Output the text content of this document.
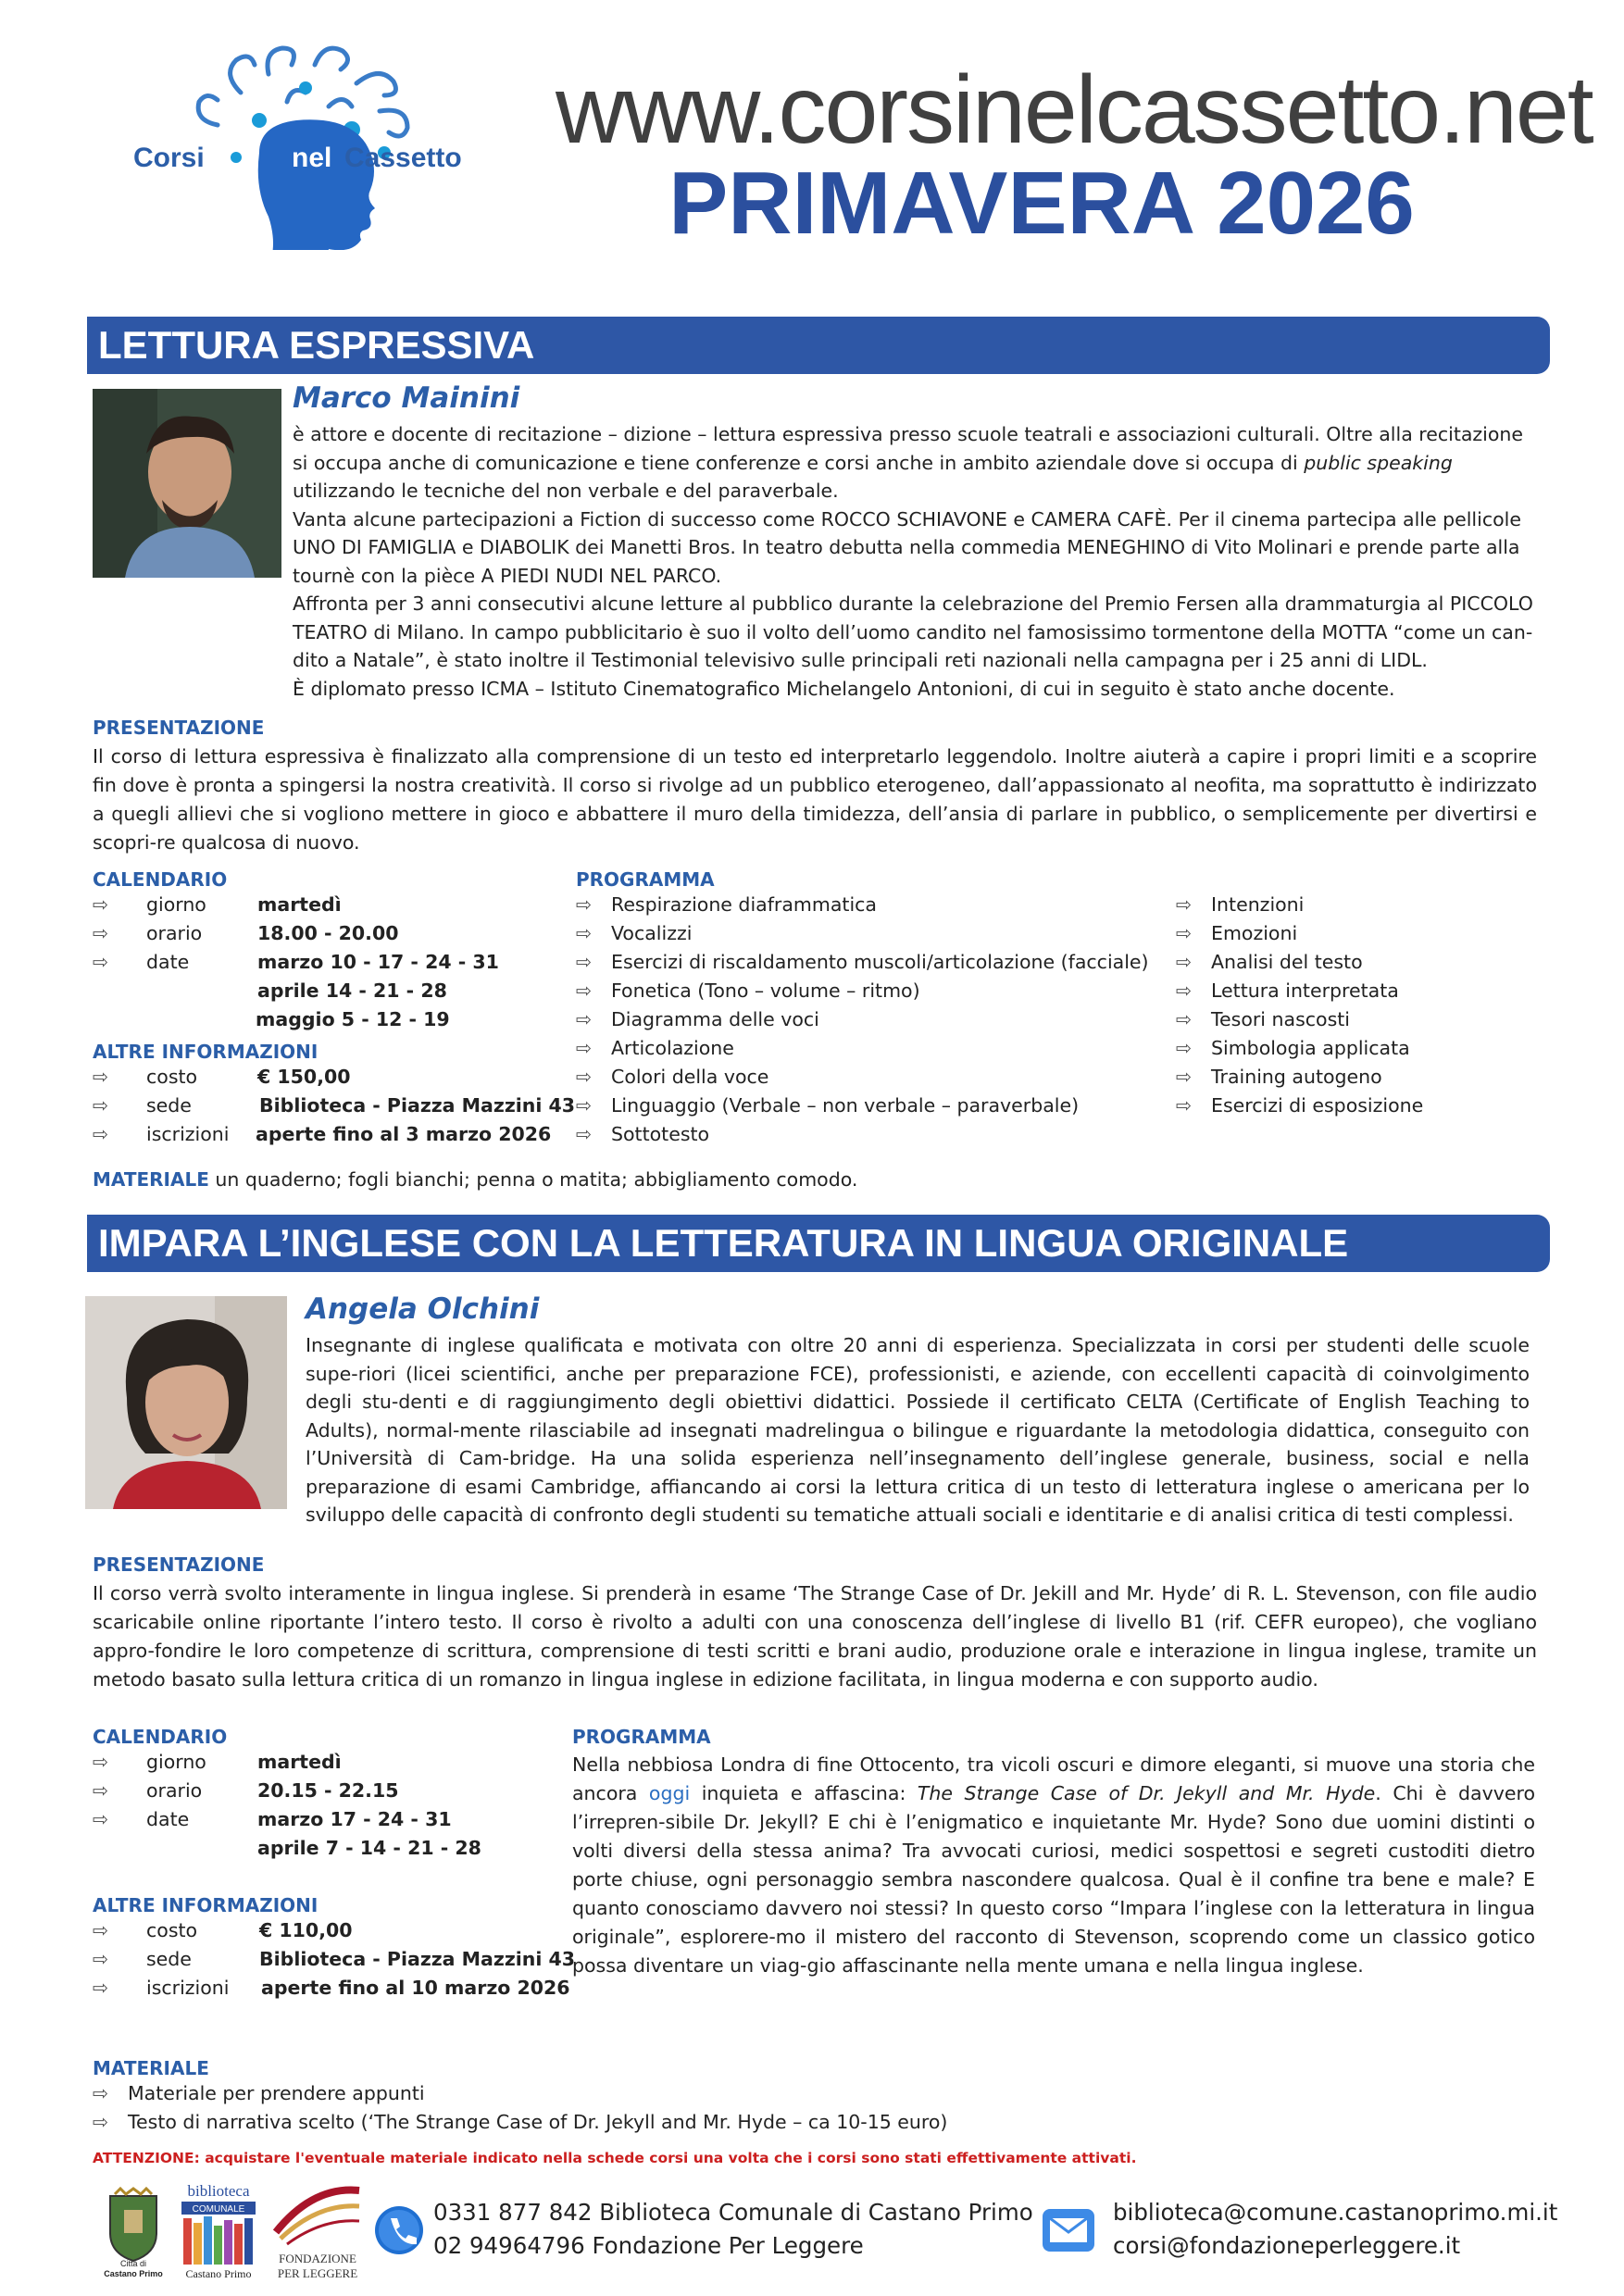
Corsi	nel Cassetto www.corsinelcassetto.net
PRIMAVERA 2026
LETTURA ESPRESSIVA
Marco Mainini

è attore e docente di recitazione – dizione – lettura espressiva presso scuole teatrali e associazioni culturali. Oltre alla recitazione si occupa anche di comunicazione e tiene conferenze e corsi anche in ambito aziendale dove si occupa di public speaking utilizzando le tecniche del non verbale e del paraverbale.

Vanta alcune partecipazioni a Fiction di successo come ROCCO SCHIAVONE e CAMERA CAFÈ. Per il cinema partecipa alle pellicole UNO DI FAMIGLIA e DIABOLIK dei Manetti Bros. In teatro debutta nella commedia MENEGHINO di Vito Molinari e prende parte alla tournè con la pièce A PIEDI NUDI NEL PARCO.

Affronta per 3 anni consecutivi alcune letture al pubblico durante la celebrazione del Premio Fersen alla drammaturgia al PICCOLO TEATRO di Milano. In campo pubblicitario è suo il volto dell’uomo candito nel famosissimo tormentone della MOTTA “come un can-dito a Natale”, è stato inoltre il Testimonial televisivo sulle principali reti nazionali nella campagna per i 25 anni di LIDL.

È diplomato presso ICMA – Istituto Cinematografico Michelangelo Antonioni, di cui in seguito è stato anche docente.

PRESENTAZIONE
Il corso di lettura espressiva è finalizzato alla comprensione di un testo ed interpretarlo leggendolo. Inoltre aiuterà a capire i propri limiti e a scoprire fin dove è pronta a spingersi la nostra creatività. Il corso si rivolge ad un pubblico eterogeneo, dall’appassionato al neofita, ma soprattutto è indirizzato a quegli allievi che si vogliono mettere in gioco e abbattere il muro della timidezza, dell’ansia di parlare in pubblico, o semplicemente per divertirsi e scopri-re qualcosa di nuovo.
CALENDARIO
⇨ giorno	martedì
⇨ orario	18.00 - 20.00
⇨ date	marzo 10 - 17 - 24 - 31
aprile 14 - 21 - 28
maggio 5 - 12 - 19
ALTRE INFORMAZIONI
⇨ costo	€ 150,00
⇨ sede	Biblioteca - Piazza Mazzini 43
⇨ iscrizioni aperte fino al 3 marzo 2026
PROGRAMMA
⇨ Respirazione diaframmatica
⇨ Vocalizzi
⇨ Esercizi di riscaldamento muscoli/articolazione (facciale)
⇨ Fonetica (Tono – volume – ritmo)
⇨ Diagramma delle voci
⇨ Articolazione
⇨ Colori della voce
⇨ Linguaggio (Verbale – non verbale – paraverbale)
⇨ Sottotesto
⇨ Intenzioni
⇨ Emozioni
⇨ Analisi del testo
⇨ Lettura interpretata
⇨ Tesori nascosti
⇨ Simbologia applicata
⇨ Training autogeno
⇨ Esercizi di esposizione
MATERIALE un quaderno; fogli bianchi; penna o matita; abbigliamento comodo.
IMPARA L’INGLESE CON LA LETTERATURA IN LINGUA ORIGINALE
Angela Olchini
Insegnante di inglese qualificata e motivata con oltre 20 anni di esperienza. Specializzata in corsi per studenti delle scuole supe-riori (licei scientifici, anche per preparazione FCE), professionisti, e aziende, con eccellenti capacità di coinvolgimento degli stu-denti e di raggiungimento degli obiettivi didattici. Possiede il certificato CELTA (Certificate of English Teaching to Adults), normal-mente rilasciabile ad insegnati madrelingua o bilingue e riguardante la metodologia didattica, conseguito con l’Università di Cam-bridge. Ha una solida esperienza nell’insegnamento dell’inglese generale, business, social e nella preparazione di esami Cambridge, affiancando ai corsi la lettura critica di un testo di letteratura inglese o americana per lo sviluppo delle capacità di confronto degli studenti su tematiche attuali sociali e identitarie e di analisi critica di testi complessi.
PRESENTAZIONE
Il corso verrà svolto interamente in lingua inglese. Si prenderà in esame ‘The Strange Case of Dr. Jekill and Mr. Hyde’ di R. L. Stevenson, con file audio scaricabile online riportante l’intero testo. Il corso è rivolto a adulti con una conoscenza dell’inglese di livello B1 (rif. CEFR europeo), che vogliano appro-fondire le loro competenze di scrittura, comprensione di testi scritti e brani audio, produzione orale e interazione in lingua inglese, tramite un metodo basato sulla lettura critica di un romanzo in lingua inglese in edizione facilitata, in lingua moderna e con supporto audio.
CALENDARIO
⇨ giorno	martedì
⇨ orario	20.15 - 22.15
⇨ date	marzo 17 - 24 - 31
aprile 7 - 14 - 21 - 28
ALTRE INFORMAZIONI
⇨ costo	€ 110,00
⇨ sede	Biblioteca - Piazza Mazzini 43
⇨ iscrizioni aperte fino al 10 marzo 2026
PROGRAMMA
Nella nebbiosa Londra di fine Ottocento, tra vicoli oscuri e dimore eleganti, si muove una storia che ancora oggi inquieta e affascina: The Strange Case of Dr. Jekyll and Mr. Hyde. Chi è davvero l’irrepren-sibile Dr. Jekyll? E chi è l’enigmatico e inquietante Mr. Hyde? Sono due uomini distinti o volti diversi della stessa anima? Tra avvocati curiosi, medici sospettosi e segreti custoditi dietro porte chiuse, ogni personaggio sembra nascondere qualcosa. Qual è il confine tra bene e male? E quanto conosciamo davvero noi stessi? In questo corso “Impara l’inglese con la letteratura in lingua originale”, esplorere-mo il mistero del racconto di Stevenson, scoprendo come un classico gotico possa diventare un viag-gio affascinante nella mente umana e nella lingua inglese.
MATERIALE
⇨ Materiale per prendere appunti
⇨ Testo di narrativa scelto (‘The Strange Case of Dr. Jekyll and Mr. Hyde – ca 10-15 euro)
ATTENZIONE: acquistare l'eventuale materiale indicato nella schede corsi una volta che i corsi sono stati effettivamente attivati.
Città di
Castano Primo
biblioteca
COMUNALE
Castano Primo
FONDAZIONE
PER LEGGERE
0331 877 842 Biblioteca Comunale di Castano Primo
02 94964796 Fondazione Per Leggere
biblioteca@comune.castanoprimo.mi.it
corsi@fondazioneperleggere.it
